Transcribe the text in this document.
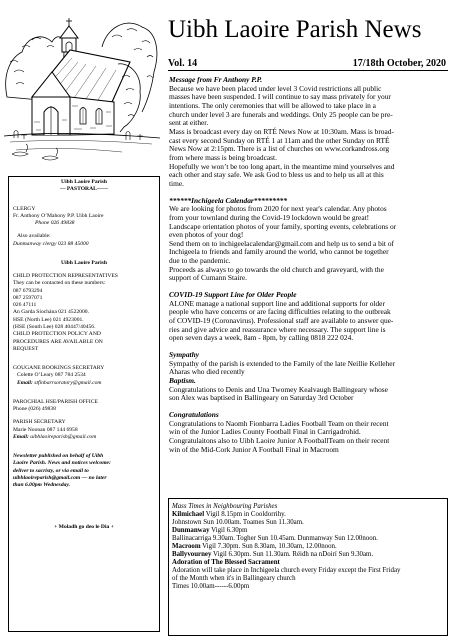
Uibh Laoire Parish News
Vol. 14	17/18th October, 2020
Uibh Laoire Parish
— PASTORAL——
CLERGY
Fr. Anthony O’Mahony P.P. Uibh Laoire
Phone 026 49838
Also available:
Dunmanway clergy 023 88 45000
Uibh Laoire Parish
CHILD PROTECTION REPRESENTATIVES
They can be contacted on these numbers:
087 6793294
087 2597071
026 47111
An Garda Síochána 021 4522000.
HSE (North Lee) 021 4923001.
(HSE (South Lee) 028 40447/40456.
CHILD PROTECTION POLICY AND
PROCEDURES ARE AVAILABLE ON
REQUEST
GOUGANE BOOKINGS SECRETARY
Colette O’Leary 087 784 2534
Email: stfinbarrsoratory@gmail.com
PAROCHIAL HSE/PARISH OFFICE
Phone (026) 49838
PARISH SECRETARY
Marie Noonan 087 144 6958
Email: uibhlaoireparish@gmail.com
Newsletter published on behalf of Uibh
Laoire Parish. News and notices welcome:
deliver to sacristy, or via email to
uibhlaoireparish@gmail.com — no later
than 6.00pm Wednesday.
+ Moladh go deo le Dia +
Message from Fr Anthony P.P.
Because we have been placed under level 3 Covid restrictions all public
masses have been suspended. I will continue to say mass privately for your
intentions. The only ceremonies that will be allowed to take place in a
church under level 3 are funerals and weddings. Only 25 people can be pre-
sent at either.
Mass is broadcast every day on RTÉ News Now at 10:30am. Mass is broad-
cast every second Sunday on RTÉ 1 at 11am and the other Sunday on RTÉ
News Now at 2:15pm. There is a list of churches on www.corkandross.org
from where mass is being broadcast.
Hopefully we won’t be too long apart, in the meantime mind yourselves and
each other and stay safe. We ask God to bless us and to help us all at this
time.
******Inchigeela Calendar*********
We are looking for photos from 2020 for next year's calendar. Any photos
from your townland during the Covid-19 lockdown would be great!
Landscape orientation photos of your family, sporting events, celebrations or
even photos of your dog!
Send them on to inchigeelacalendar@gmail.com and help us to send a bit of
Inchigeela to friends and family around the world, who cannot be together
due to the pandemic.
Proceeds as always to go towards the old church and graveyard, with the
support of Cumann Staire.
COVID-19 Support Line for Older People
ALONE manage a national support line and additional supports for older
people who have concerns or are facing difficulties relating to the outbreak
of COVID-19 (Coronavirus). Professional staff are available to answer que-
ries and give advice and reassurance where necessary. The support line is
open seven days a week, 8am - 8pm, by calling 0818 222 024.
Sympathy
Sympathy of the parish is extended to the Family of the late Neillie Kelleher
Aharas who died recently
Baptism.
Congratulations to Denis and Una Twomey Kealvaugh Ballingeary whose
son Alex was baptised in Ballingeary on Saturday 3rd October
Congratulations
Congratulations to Naomh Fionbarra Ladies Football Team on their recent
win of the Junior Ladies County Football Final in Carrigadrohid.
Congratulaitons also to Uibh Laoire Junior A FootballTeam on their recent
win of the Mid-Cork Junior A Football Final in Macroom
Mass Times in Neighbouring Parishes
Kilmichael Vigil 8.15pm in Cooldorrihy.
Johnstown Sun 10.00am. Toames Sun 11.30am.
Dunmanway Vigil 6.30pm
Ballinacarriga 9.30am. Togher Sun 10.45am. Dunmanway Sun 12.00noon.
Macroom Vigil 7.30pm. Sun 8.30am, 10.30am, 12.00noon.
Ballyvourney Vigil 6.30pm. Sun 11.30am. Réidh na nDoirí Sun 9.30am.
Adoration of The Blessed Sacrament
Adoration will take place in Inchigeela church every Friday except the First Friday
of the Month when it's in Ballingeary church
Times 10.00am------6.00pm
